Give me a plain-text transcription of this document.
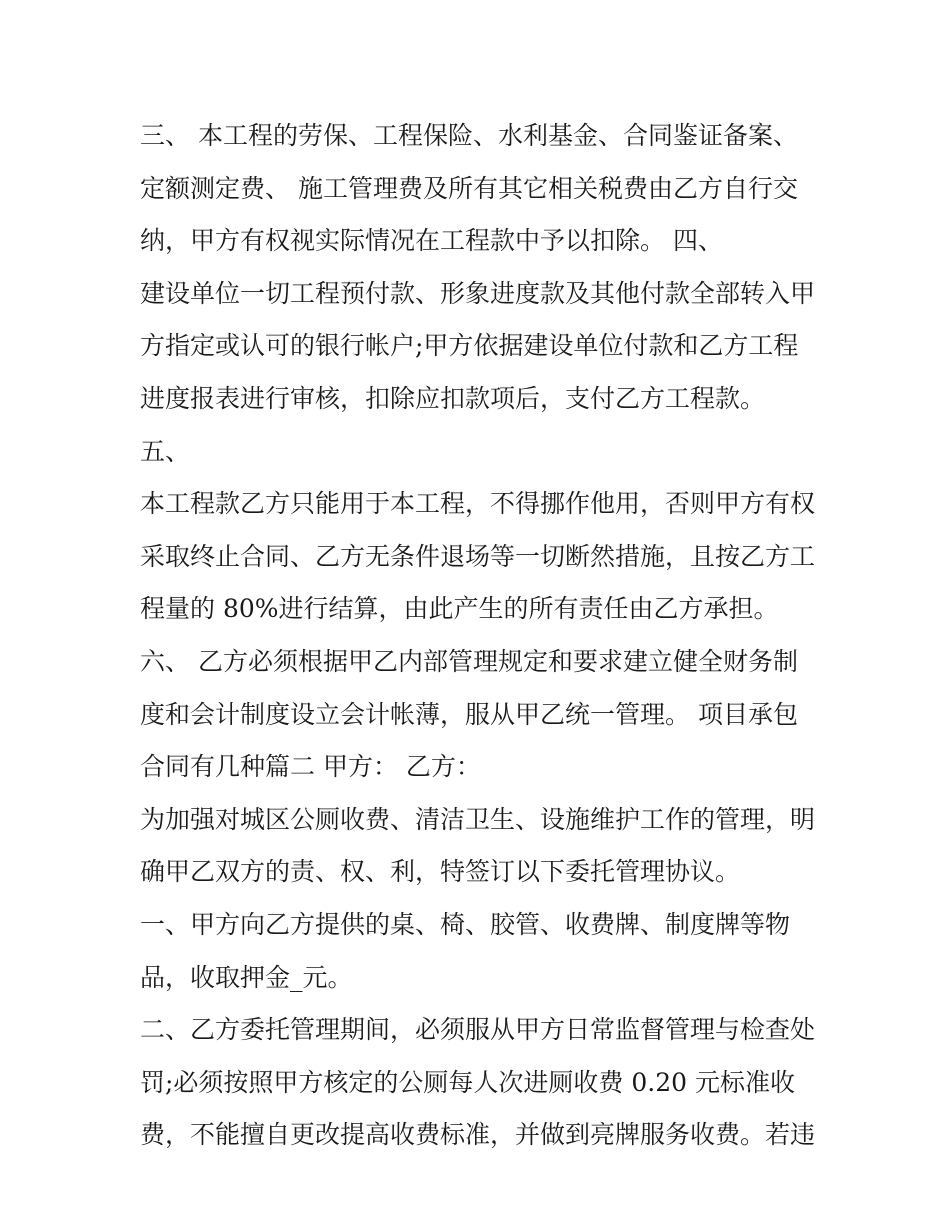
三、 本工程的劳保、工程保险、水利基金、合同鉴证备案、
定额测定费、 施工管理费及所有其它相关税费由乙方自行交
纳，甲方有权视实际情况在工程款中予以扣除。 四、
建设单位一切工程预付款、形象进度款及其他付款全部转入甲
方指定或认可的银行帐户;甲方依据建设单位付款和乙方工程
进度报表进行审核，扣除应扣款项后，支付乙方工程款。
五、
本工程款乙方只能用于本工程，不得挪作他用，否则甲方有权
采取终止合同、乙方无条件退场等一切断然措施，且按乙方工
程量的 80%进行结算，由此产生的所有责任由乙方承担。
六、 乙方必须根据甲乙内部管理规定和要求建立健全财务制
度和会计制度设立会计帐薄，服从甲乙统一管理。 项目承包
合同有几种篇二 甲方： 乙方：
为加强对城区公厕收费、清洁卫生、设施维护工作的管理，明
确甲乙双方的责、权、利，特签订以下委托管理协议。
一、甲方向乙方提供的桌、椅、胶管、收费牌、制度牌等物
品，收取押金_元。
二、乙方委托管理期间，必须服从甲方日常监督管理与检查处
罚;必须按照甲方核定的公厕每人次进厕收费 0.20 元标准收
费，不能擅自更改提高收费标准，并做到亮牌服务收费。若违
